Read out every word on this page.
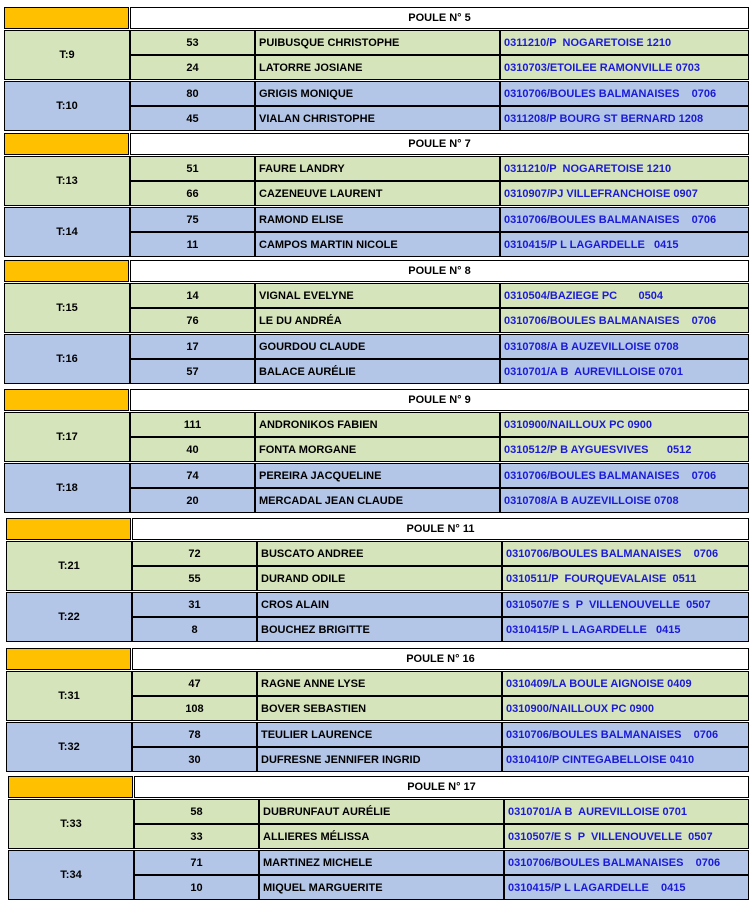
POULE N° 5
T:9
53	PUIBUSQUE CHRISTOPHE	0311210/P  NOGARETOISE 1210
24	LATORRE JOSIANE	0310703/ETOILEE RAMONVILLE 0703
T:10
80	GRIGIS MONIQUE	0310706/BOULES BALMANAISES    0706
45	VIALAN CHRISTOPHE	0311208/P BOURG ST BERNARD 1208
POULE N° 7
T:13
51	FAURE LANDRY	0311210/P  NOGARETOISE 1210
66	CAZENEUVE LAURENT	0310907/PJ VILLEFRANCHOISE 0907
T:14
75	RAMOND ELISE	0310706/BOULES BALMANAISES    0706
11	CAMPOS MARTIN NICOLE	0310415/P L LAGARDELLE   0415
POULE N° 8
T:15
14	VIGNAL EVELYNE	0310504/BAZIEGE PC       0504
76	LE DU ANDRÉA	0310706/BOULES BALMANAISES    0706
T:16
17	GOURDOU CLAUDE	0310708/A B AUZEVILLOISE 0708
57	BALACE AURÉLIE	0310701/A B  AUREVILLOISE 0701
POULE N° 9
T:17
111	ANDRONIKOS FABIEN	0310900/NAILLOUX PC 0900
40	FONTA MORGANE	0310512/P B AYGUESVIVES      0512
T:18
74	PEREIRA JACQUELINE	0310706/BOULES BALMANAISES    0706
20	MERCADAL JEAN CLAUDE	0310708/A B AUZEVILLOISE 0708
POULE N° 11
T:21
72	BUSCATO ANDREE	0310706/BOULES BALMANAISES    0706
55	DURAND ODILE	0310511/P  FOURQUEVALAISE  0511
T:22
31	CROS ALAIN	0310507/E S  P  VILLENOUVELLE  0507
8	BOUCHEZ BRIGITTE	0310415/P L LAGARDELLE   0415
POULE N° 16
T:31
47	RAGNE ANNE LYSE	0310409/LA BOULE AIGNOISE 0409
108	BOVER SEBASTIEN	0310900/NAILLOUX PC 0900
T:32
78	TEULIER LAURENCE	0310706/BOULES BALMANAISES    0706
30	DUFRESNE JENNIFER INGRID	0310410/P CINTEGABELLOISE 0410
POULE N° 17
T:33
58	DUBRUNFAUT AURÉLIE	0310701/A B  AUREVILLOISE 0701
33	ALLIERES MÉLISSA	0310507/E S  P  VILLENOUVELLE  0507
T:34
71	MARTINEZ MICHELE	0310706/BOULES BALMANAISES    0706
10	MIQUEL MARGUERITE	0310415/P L LAGARDELLE    0415
